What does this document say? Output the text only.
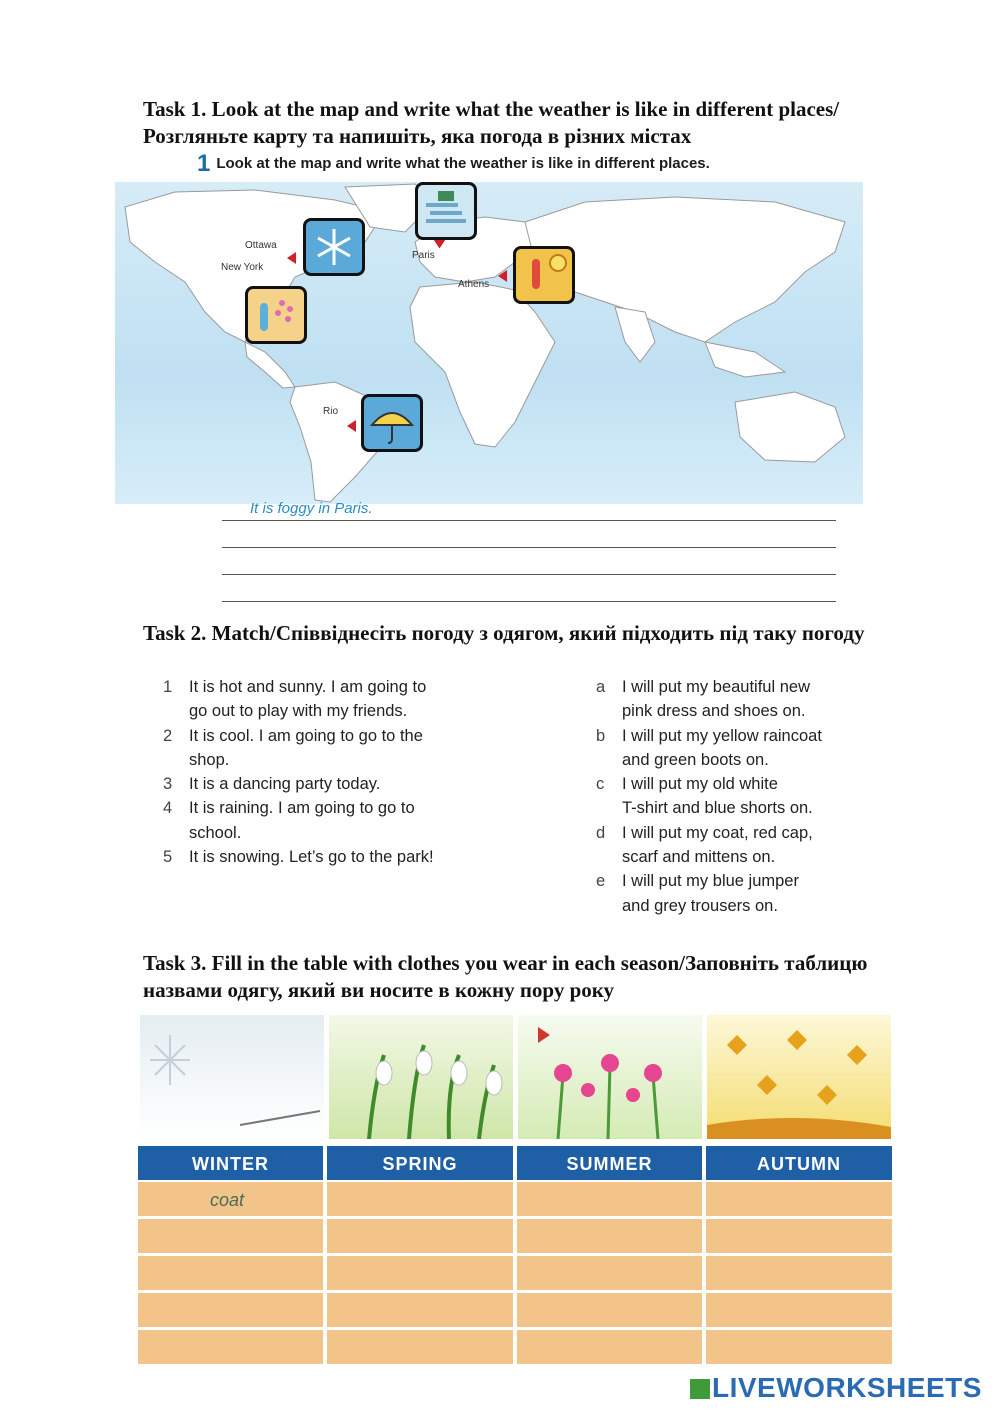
Task 1. Look at the map and write what the weather is like in different places/ Розгляньте карту та напишіть, яка погода в різних містах
1 Look at the map and write what the weather is like in different places.
Ottawa
New York
Paris
Athens
Rio
It is foggy in Paris.
Task 2. Match/Співвіднесіть погоду з одягом, який підходить під таку погоду
1 It is hot and sunny. I am going to
go out to play with my friends.
2 It is cool. I am going to go to the
shop.
3 It is a dancing party today.
4 It is raining. I am going to go to
school.
5 It is snowing. Let’s go to the park!
a I will put my beautiful new
pink dress and shoes on.
b I will put my yellow raincoat
and green boots on.
c I will put my old white
T-shirt and blue shorts on.
d I will put my coat, red cap,
scarf and mittens on.
e I will put my blue jumper
and grey trousers on.
Task 3. Fill in the table with clothes you wear in each season/Заповніть таблицю назвами одягу, який ви носите в кожну пору року
WINTER	SPRING	SUMMER	AUTUMN
coat
LIVEWORKSHEETS
